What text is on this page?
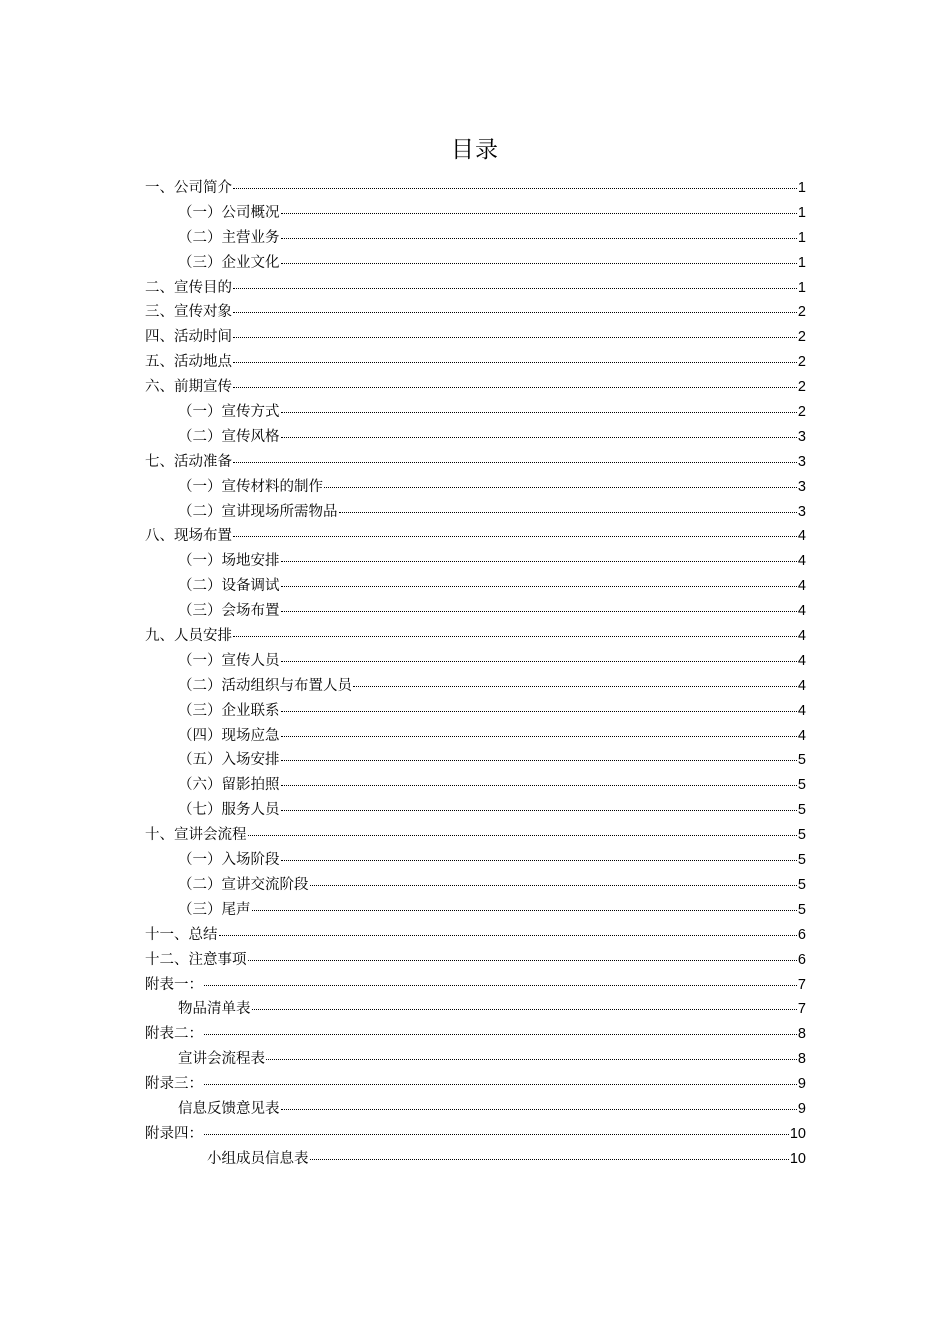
目录
一、公司简介	1
（一）公司概况	1
（二）主营业务	1
（三）企业文化	1
二、宣传目的	1
三、宣传对象	2
四、活动时间	2
五、活动地点	2
六、前期宣传	2
（一）宣传方式	2
（二）宣传风格	3
七、活动准备	3
（一）宣传材料的制作	3
（二）宣讲现场所需物品	3
八、现场布置	4
（一）场地安排	4
（二）设备调试	4
（三）会场布置	4
九、人员安排	4
（一）宣传人员	4
（二）活动组织与布置人员	4
（三）企业联系	4
（四）现场应急	4
（五）入场安排	5
（六）留影拍照	5
（七）服务人员	5
十、宣讲会流程	5
（一）入场阶段	5
（二）宣讲交流阶段	5
（三）尾声	5
十一、总结	6
十二、注意事项	6
附表一：	7
物品清单表	7
附表二：	8
宣讲会流程表	8
附录三：	9
信息反馈意见表	9
附录四：	10
小组成员信息表	10
